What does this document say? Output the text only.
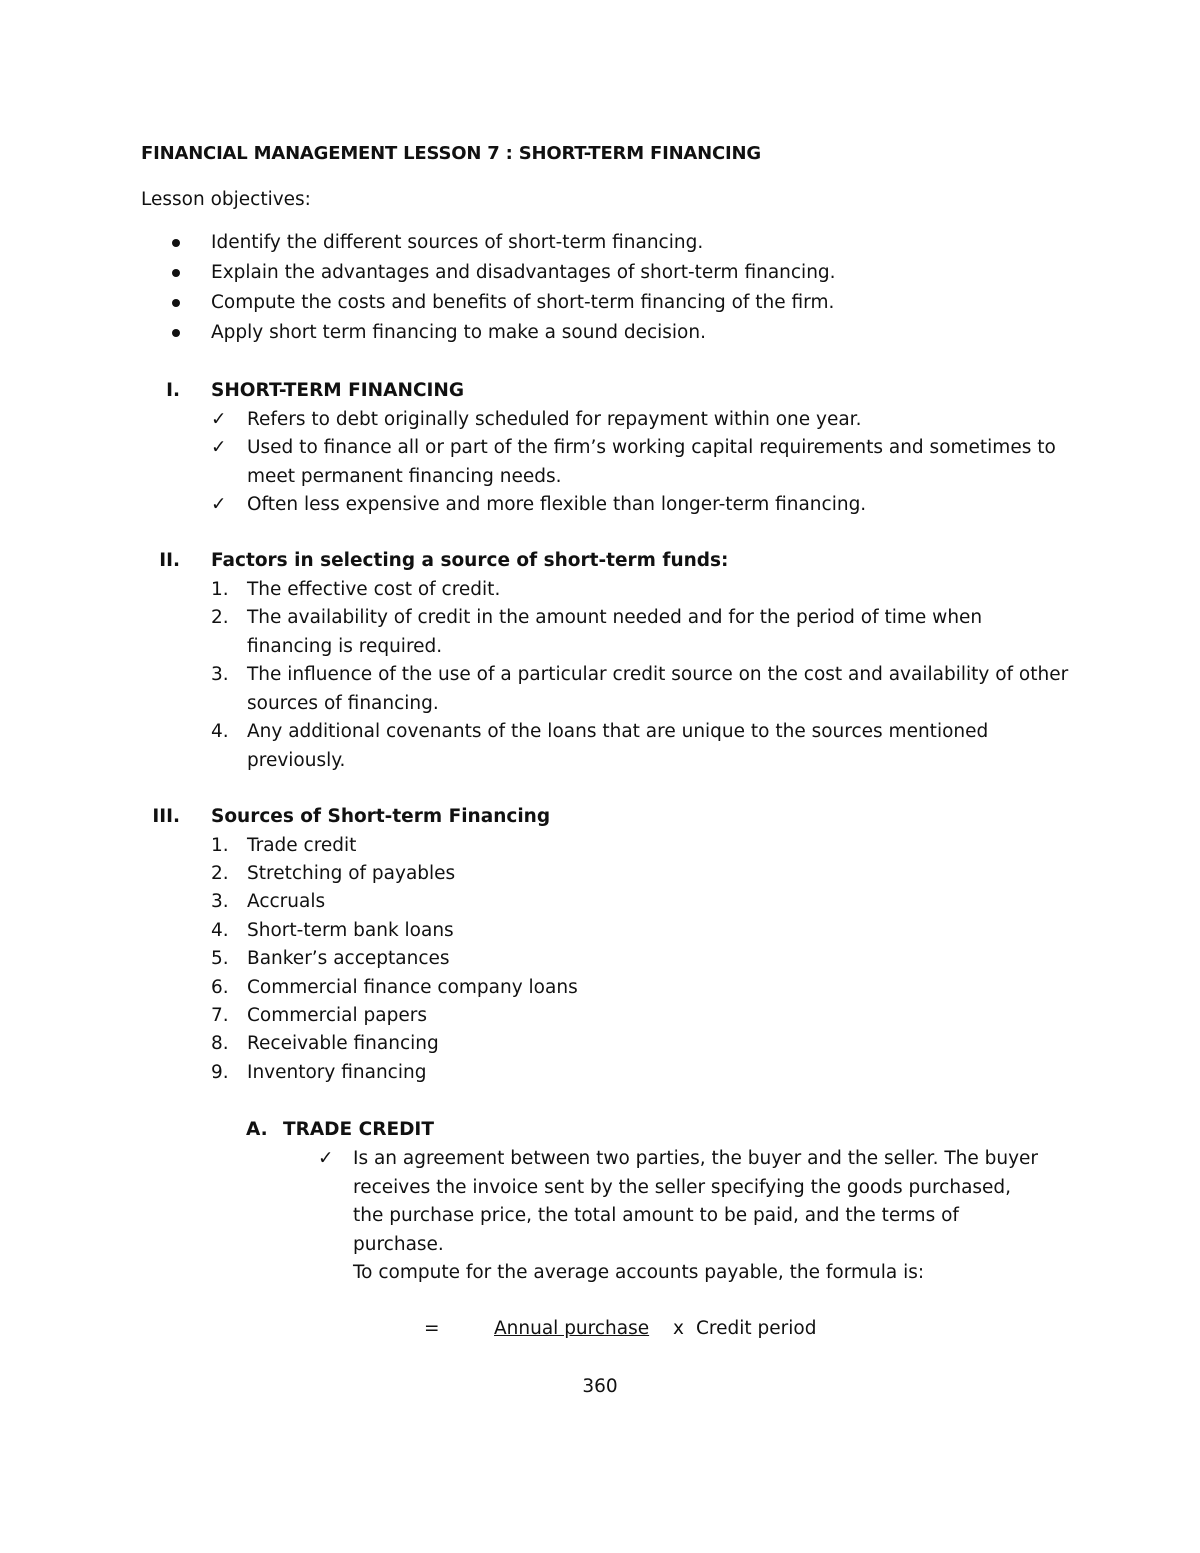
FINANCIAL MANAGEMENT LESSON 7 : SHORT-TERM FINANCING
Lesson objectives:
Identify the different sources of short-term financing.
Explain the advantages and disadvantages of short-term financing.
Compute the costs and benefits of short-term financing of the firm.
Apply short term financing to make a sound decision.
I. SHORT-TERM FINANCING
✓	Refers to debt originally scheduled for repayment within one year.
✓	Used to finance all or part of the firm’s working capital requirements and sometimes to meet permanent financing needs.
✓	Often less expensive and more flexible than longer-term financing.
II. Factors in selecting a source of short-term funds:
1. The effective cost of credit.
2. The availability of credit in the amount needed and for the period of time when financing is required.
3. The influence of the use of a particular credit source on the cost and availability of other sources of financing.
4. Any additional covenants of the loans that are unique to the sources mentioned previously.
III. Sources of Short-term Financing
1. Trade credit
2. Stretching of payables
3. Accruals
4. Short-term bank loans
5. Banker’s acceptances
6. Commercial finance company loans
7. Commercial papers
8. Receivable financing
9. Inventory financing
A. TRADE CREDIT
✓ Is an agreement between two parties, the buyer and the seller. The buyer receives the invoice sent by the seller specifying the goods purchased, the purchase price, the total amount to be paid, and the terms of purchase.
To compute for the average accounts payable, the formula is:
=	Annual purchase x Credit period
360
